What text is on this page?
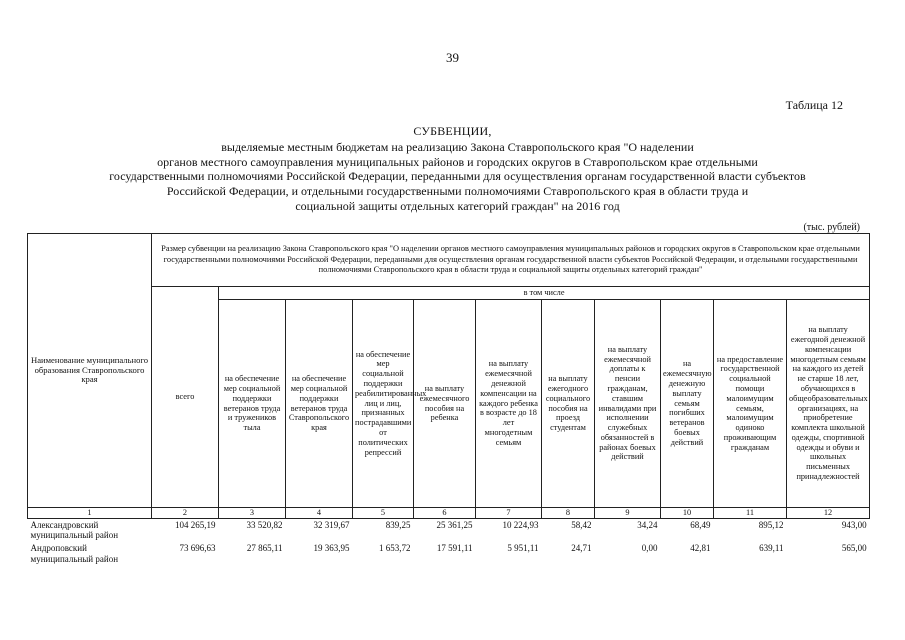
39
Таблица 12
СУБВЕНЦИИ,
выделяемые местным бюджетам на реализацию Закона Ставропольского края "О наделении
органов местного самоуправления муниципальных районов и городских округов в Ставропольском крае отдельными
государственными полномочиями Российской Федерации, переданными для осуществления органам государственной власти субъектов
Российской Федерации, и отдельными государственными полномочиями Ставропольского края в области труда и
социальной защиты отдельных категорий граждан" на 2016 год
(тыс. рублей)
Наименование муниципального образования Ставропольского края	Размер субвенции на реализацию Закона Ставропольского края "О наделении органов местного самоуправления муниципальных районов и городских округов в Ставропольском крае отдельными государственными полномочиями Российской Федерации, переданными для осуществления органам государственной власти субъектов Российской Федерации, и отдельными государственными полномочиями Ставропольского края в области труда и социальной защиты отдельных категорий граждан"										
	всего	в том числе									
		на обеспечение мер социальной поддержки ветеранов труда и тружеников тыла	на обеспечение мер социальной поддержки ветеранов труда Ставропольского края	на обеспечение мер социальной поддержки реабилитированных лиц и лиц, признанных пострадавшими от политических репрессий	на выплату ежемесячного пособия на ребенка	на выплату ежемесячной денежной компенсации на каждого ребенка в возрасте до 18 лет многодетным семьям	на выплату ежегодного социального пособия на проезд студентам	на выплату ежемесячной доплаты к пенсии гражданам, ставшим инвалидами при исполнении служебных обязанностей в районах боевых действий	на ежемесячную денежную выплату семьям погибших ветеранов боевых действий	на предоставление государственной социальной помощи малоимущим семьям, малоимущим одиноко проживающим гражданам	на выплату ежегодной денежной компенсации многодетным семьям на каждого из детей не старше 18 лет, обучающихся в общеобразовательных организациях, на приобретение комплекта школьной одежды, спортивной одежды и обуви и школьных письменных принадлежностей
1	2	3	4	5	6	7	8	9	10	11	12
Александровский муниципальный район	104 265,19	33 520,82	32 319,67	839,25	25 361,25	10 224,93	58,42	34,24	68,49	895,12	943,00
Андроповский муниципальный район	73 696,63	27 865,11	19 363,95	1 653,72	17 591,11	5 951,11	24,71	0,00	42,81	639,11	565,00
